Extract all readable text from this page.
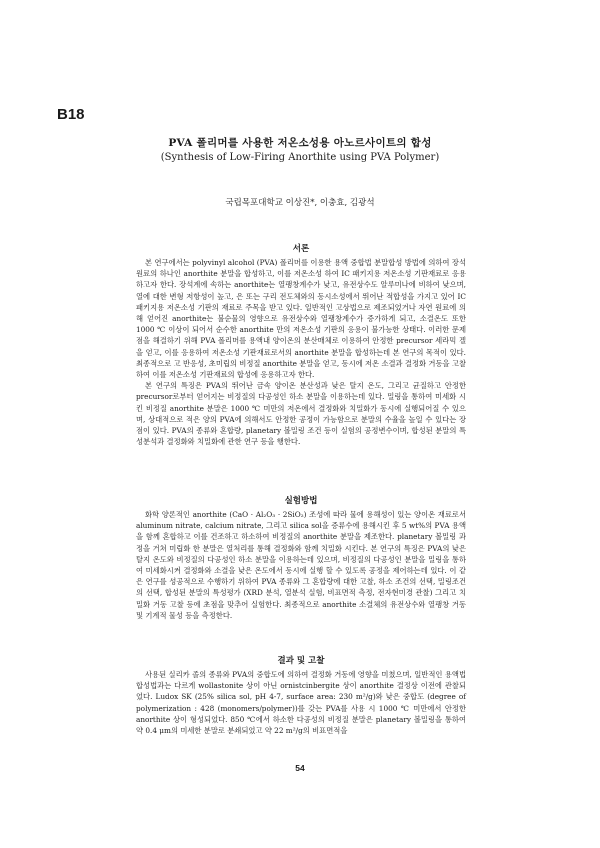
B18
PVA 폴리머를 사용한 저온소성용 아노르사이트의 합성
(Synthesis of Low-Firing Anorthite using PVA Polymer)
국립목포대학교 이상진*, 이충효, 김광석
서론

본 연구에서는 polyvinyl alcohol (PVA) 폴리머를 이용한 용액 중합법 분말합성 방법에 의하여 장석 원료의 하나인 anorthite 분말을 합성하고, 이를 저온소성 하여 IC 패키지용 저온소성 기판재료로 응용하고자 한다. 장석계에 속하는 anorthite는 열팽창계수가 낮고, 유전상수도 알루미나에 비하여 낮으며, 열에 대한 변형 저항성이 높고, 은 또는 구리 전도체와의 동시소성에서 뛰어난 적합성을 가지고 있어 IC 패키지용 저온소성 기판의 재료로 주목을 받고 있다. 일반적인 고상법으로 제조되었거나 자연 원료에 의해 얻어진 anorthite는 불순물의 영향으로 유전상수와 열팽창계수가 증가하게 되고, 소결온도 또한 1000 ℃ 이상이 되어서 순수한 anorthite 만의 저온소성 기판의 응용이 불가능한 상태다. 이러한 문제점을 해결하기 위해 PVA 폴리머를 용액내 양이온의 분산매체로 이용하여 안정한 precursor 세라믹 겔을 얻고, 이를 응용하여 저온소성 기판재료로서의 anorthite 분말을 합성하는데 본 연구의 목적이 있다. 최종적으로 고 반응성, 초미립의 비정질 anorthite 분말을 얻고, 동시에 저온 소결과 결정화 거동을 고찰하여 이를 저온소성 기판재료의 합성에 응용하고자 한다.

본 연구의 특징은 PVA의 뛰어난 금속 양이온 분산성과 낮은 탈지 온도, 그리고 균질하고 안정한 precursor로부터 얻어지는 비정질의 다공성인 하소 분말을 이용하는데 있다. 밀링을 통하여 미세화 시킨 비정질 anorthite 분말은 1000 ℃ 미만의 저온에서 결정화와 치밀화가 동시에 실행되어질 수 있으며, 상대적으로 적은 양의 PVA에 의해서도 안정한 공정이 가능함으로 분말의 수율을 높일 수 있다는 장점이 있다. PVA의 종류와 혼합량, planetary 볼밀링 조건 등이 실험의 공정변수이며, 합성된 분말의 특성분석과 결정화와 치밀화에 관한 연구 등을 행한다.

실험방법

화학 양론적인 anorthite (CaO · Al₂O₃ · 2SiO₂) 조성에 따라 물에 용해성이 있는 양이온 재료로서 aluminum nitrate, calcium nitrate, 그리고 silica sol을 증류수에 용해시킨 후 5 wt%의 PVA 용액을 함께 혼합하고 이를 건조하고 하소하여 비정질의 anorthite 분말을 제조한다. planetary 볼밀링 과정을 거쳐 미립화 한 분말은 열처리를 통해 결정화와 함께 치밀화 시킨다. 본 연구의 특징은 PVA의 낮은 탈지 온도와 비정질의 다공성인 하소 분말을 이용하는데 있으며, 비정질의 다공성인 분말을 밀링을 통하여 미세화시켜 결정화와 소결을 낮은 온도에서 동시에 실행 할 수 있도록 공정을 제어하는데 있다. 이 같은 연구를 성공적으로 수행하기 위하여 PVA 종류와 그 혼합량에 대한 고찰, 하소 조건의 선택, 밀링조건의 선택, 합성된 분말의 특성평가 (XRD 분석, 열분석 실험, 비표면적 측정, 전자현미경 관찰) 그리고 치밀화 거동 고찰 등에 초점을 맞추어 실험한다. 최종적으로 anorthite 소결체의 유전상수와 열팽창 거동 및 기계적 물성 등을 측정한다.

결과 및 고찰

사용된 실리카 졸의 종류와 PVA의 중합도에 의하여 결정화 거동에 영향을 미쳤으며, 일반적인 용액법합성법과는 다르게 wollastonite 상이 아닌 ornistcinbergite 상이 anorthite 결정상 이전에 관찰되었다. Ludox SK (25% silica sol, pH 4-7, surface area: 230 m²/g)와 낮은 중합도 (degree of polymerization : 428 (monomers/polymer))를 갖는 PVA를 사용 시 1000 ℃ 미만에서 안정한 anorthite 상이 형성되었다. 850 ℃에서 하소한 다공성의 비정질 분말은 planetary 볼밀링을 통하여 약 0.4 μm의 미세한 분말로 분쇄되었고 약 22 m²/g의 비표면적을

54
